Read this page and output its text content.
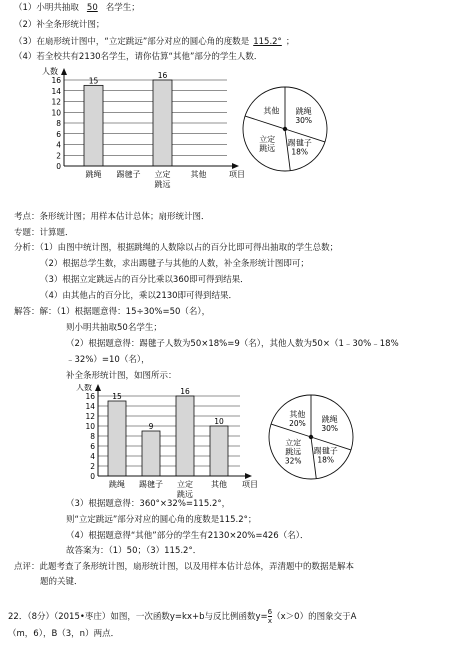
（1）小明共抽取 50 名学生；
（2）补全条形统计图；
（3）在扇形统计图中，“立定跳远”部分对应的圆心角的度数是 115.2° ；
（4）若全校共有2130名学生，请你估算“其他”部分的学生人数．
0
2
4
6
8
10
12
14
16	15
16
人数
项目
跳绳 踢毽子 立定
跳远
其他
跳绳
30%
踢毽子
18%
立定
跳远
其他
考点：条形统计图；用样本估计总体；扇形统计图．
专题：计算题．
分析：（1）由图中统计图，根据跳绳的人数除以占的百分比即可得出抽取的学生总数；
（2）根据总学生数，求出踢毽子与其他的人数，补全条形统计图即可；
（3）根据立定跳远占的百分比乘以360即可得到结果．
（4）由其他占的百分比，乘以2130即可得到结果．
解答：解：（1）根据题意得：15÷30%=50（名），
则小明共抽取50名学生；
（2）根据题意得：踢毽子人数为50×18%=9（名），其他人数为50×（1﹣30%﹣18%
﹣32%）=10（名），
补全条形统计图，如图所示：
0
2
4
6
8
10
12
14
16 15
9
16
10
人数
项目
跳绳 踢毽子 立定
跳远
其他
跳绳
30%
踢毽子
18%
立定
跳远
32%
其他
20%
（3）根据题意得：360°×32%=115.2°，
则“立定跳远”部分对应的圆心角的度数是115.2°；
（4）根据题意得“其他”部分的学生有2130×20%=426（名）．
故答案为：（1）50；（3）115.2°．
点评：此题考查了条形统计图，扇形统计图，以及用样本估计总体，弄清题中的数据是解本
题的关键．
22．（8分）（2015•枣庄）如图，一次函数y=kx+b与反比例函数$y= \frac{6}{x} (x>0)$的图象交于A
（m，6），B（3，n）两点．
